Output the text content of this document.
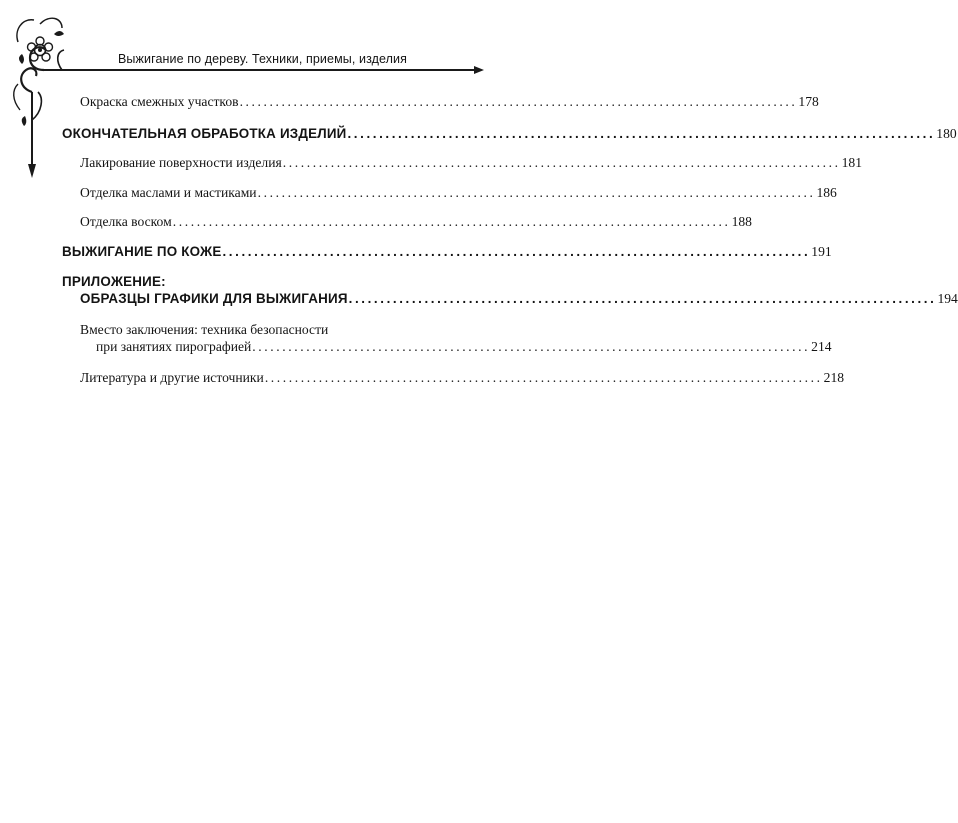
Выжигание по дереву. Техники, приемы, изделия
Окраска смежных участков ............................................................................................. 178
ОКОНЧАТЕЛЬНАЯ ОБРАБОТКА ИЗДЕЛИЙ ............................................................................................. 180
Лакирование поверхности изделия ............................................................................................. 181
Отделка маслами и мастиками ............................................................................................. 186
Отделка воском ............................................................................................. 188
ВЫЖИГАНИЕ ПО КОЖЕ ............................................................................................. 191
ПРИЛОЖЕНИЕ:
ОБРАЗЦЫ ГРАФИКИ ДЛЯ ВЫЖИГАНИЯ ............................................................................................. 194
Вместо заключения: техника безопасности
при занятиях пирографией ............................................................................................. 214
Литература и другие источники ............................................................................................. 218
